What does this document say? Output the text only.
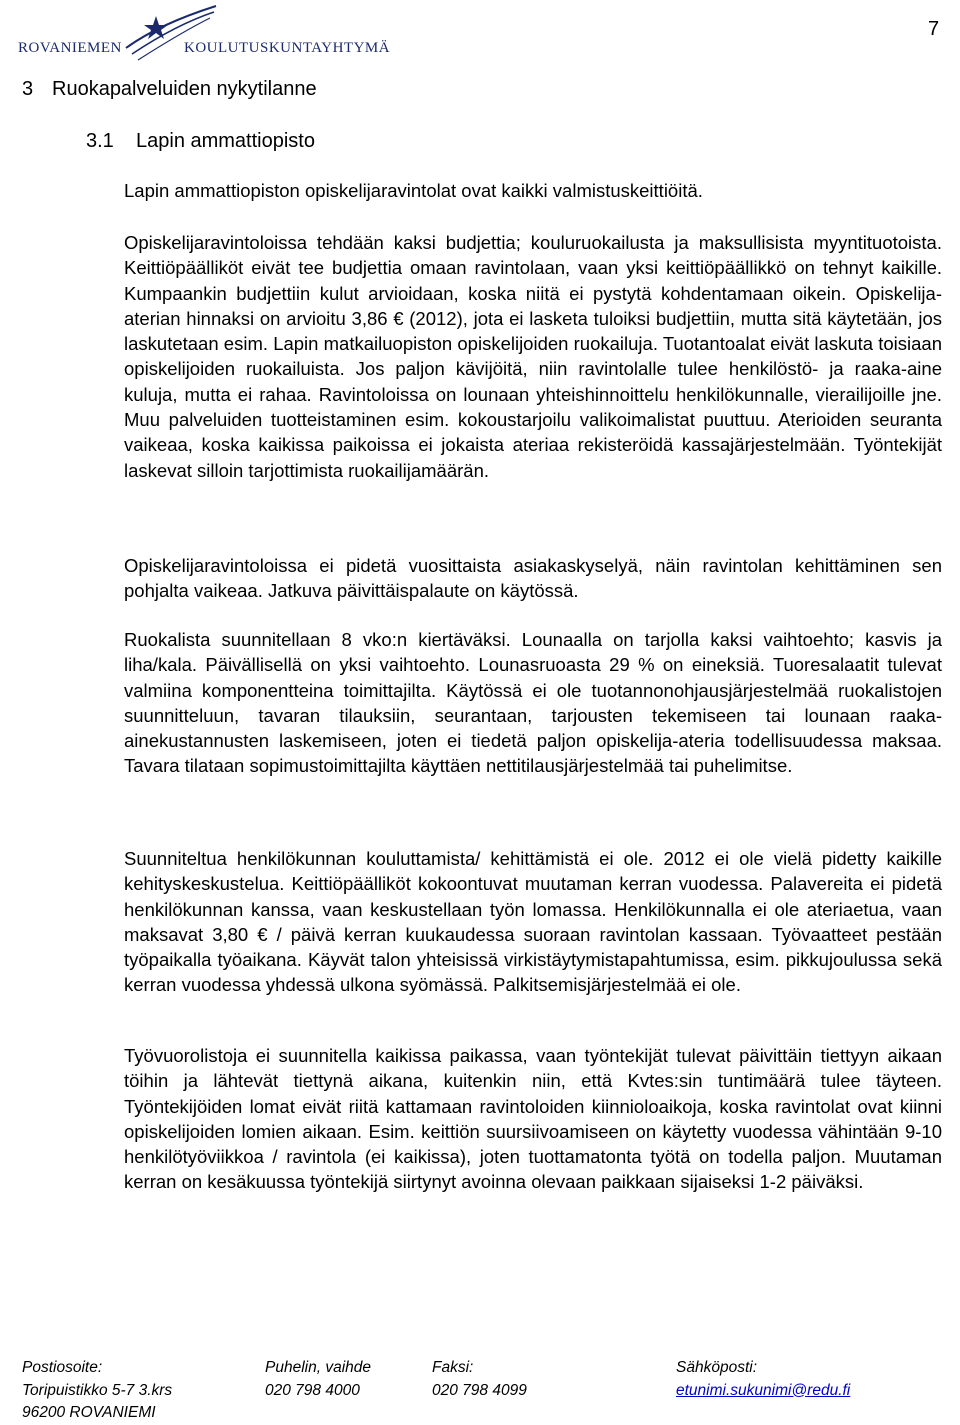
ROVANIEMEN	KOULUTUSKUNTAYHTYMÄ
7
3 Ruokapalveluiden nykytilanne
3.1 Lapin ammattiopisto

Lapin ammattiopiston opiskelijaravintolat ovat kaikki valmistuskeittiöitä.

Opiskelijaravintoloissa tehdään kaksi budjettia; kouluruokailusta ja maksullisista myyntituotoista. Keittiöpäälliköt eivät tee budjettia omaan ravintolaan, vaan yksi keittiöpäällikkö on tehnyt kaikille. Kumpaankin budjettiin kulut arvioidaan, koska niitä ei pystytä kohdentamaan oikein. Opiskelija-aterian hinnaksi on arvioitu 3,86 € (2012), jota ei lasketa tuloiksi budjettiin, mutta sitä käytetään, jos laskutetaan esim. Lapin matkailuopiston opiskelijoiden ruokailuja. Tuotantoalat eivät laskuta toisiaan opiskelijoiden ruokailuista. Jos paljon kävijöitä, niin ravintolalle tulee henkilöstö- ja raaka-aine kuluja, mutta ei rahaa. Ravintoloissa on lounaan yhteishinnoittelu henkilökunnalle, vierailijoille jne. Muu palveluiden tuotteistaminen esim. kokoustarjoilu valikoimalistat puuttuu. Aterioiden seuranta vaikeaa, koska kaikissa paikoissa ei jokaista ateriaa rekisteröidä kassajärjestelmään. Työntekijät laskevat silloin tarjottimista ruokailijamäärän.

Opiskelijaravintoloissa ei pidetä vuosittaista asiakaskyselyä, näin ravintolan kehittäminen sen pohjalta vaikeaa. Jatkuva päivittäispalaute on käytössä.

Ruokalista suunnitellaan 8 vko:n kiertäväksi. Lounaalla on tarjolla kaksi vaihtoehto; kasvis ja liha/kala. Päivällisellä on yksi vaihtoehto. Lounasruoasta 29 % on eineksiä. Tuoresalaatit tulevat valmiina komponentteina toimittajilta. Käytössä ei ole tuotannonohjausjärjestelmää ruokalistojen suunnitteluun, tavaran tilauksiin, seurantaan, tarjousten tekemiseen tai lounaan raaka-ainekustannusten laskemiseen, joten ei tiedetä paljon opiskelija-ateria todellisuudessa maksaa. Tavara tilataan sopimustoimittajilta käyttäen nettitilausjärjestelmää tai puhelimitse.

Suunniteltua henkilökunnan kouluttamista/ kehittämistä ei ole. 2012 ei ole vielä pidetty kaikille kehityskeskustelua. Keittiöpäälliköt kokoontuvat muutaman kerran vuodessa. Palavereita ei pidetä henkilökunnan kanssa, vaan keskustellaan työn lomassa. Henkilökunnalla ei ole ateriaetua, vaan maksavat 3,80 € / päivä kerran kuukaudessa suoraan ravintolan kassaan. Työvaatteet pestään työpaikalla työaikana. Käyvät talon yhteisissä virkistäytymistapahtumissa, esim. pikkujoulussa sekä kerran vuodessa yhdessä ulkona syömässä. Palkitsemisjärjestelmää ei ole.

Työvuorolistoja ei suunnitella kaikissa paikassa, vaan työntekijät tulevat päivittäin tiettyyn aikaan töihin ja lähtevät tiettynä aikana, kuitenkin niin, että Kvtes:sin tuntimäärä tulee täyteen. Työntekijöiden lomat eivät riitä kattamaan ravintoloiden kiinnioloaikoja, koska ravintolat ovat kiinni opiskelijoiden lomien aikaan. Esim. keittiön suursiivoamiseen on käytetty vuodessa vähintään 9-10 henkilötyöviikkoa / ravintola (ei kaikissa), joten tuottamatonta työtä on todella paljon. Muutaman kerran on kesäkuussa työntekijä siirtynyt avoinna olevaan paikkaan sijaiseksi 1-2 päiväksi.

Postiosoite:
Toripuistikko 5-7 3.krs
96200 ROVANIEMI
Puhelin, vaihde
020 798 4000
Faksi:
020 798 4099
Sähköposti:
etunimi.sukunimi@redu.fi
